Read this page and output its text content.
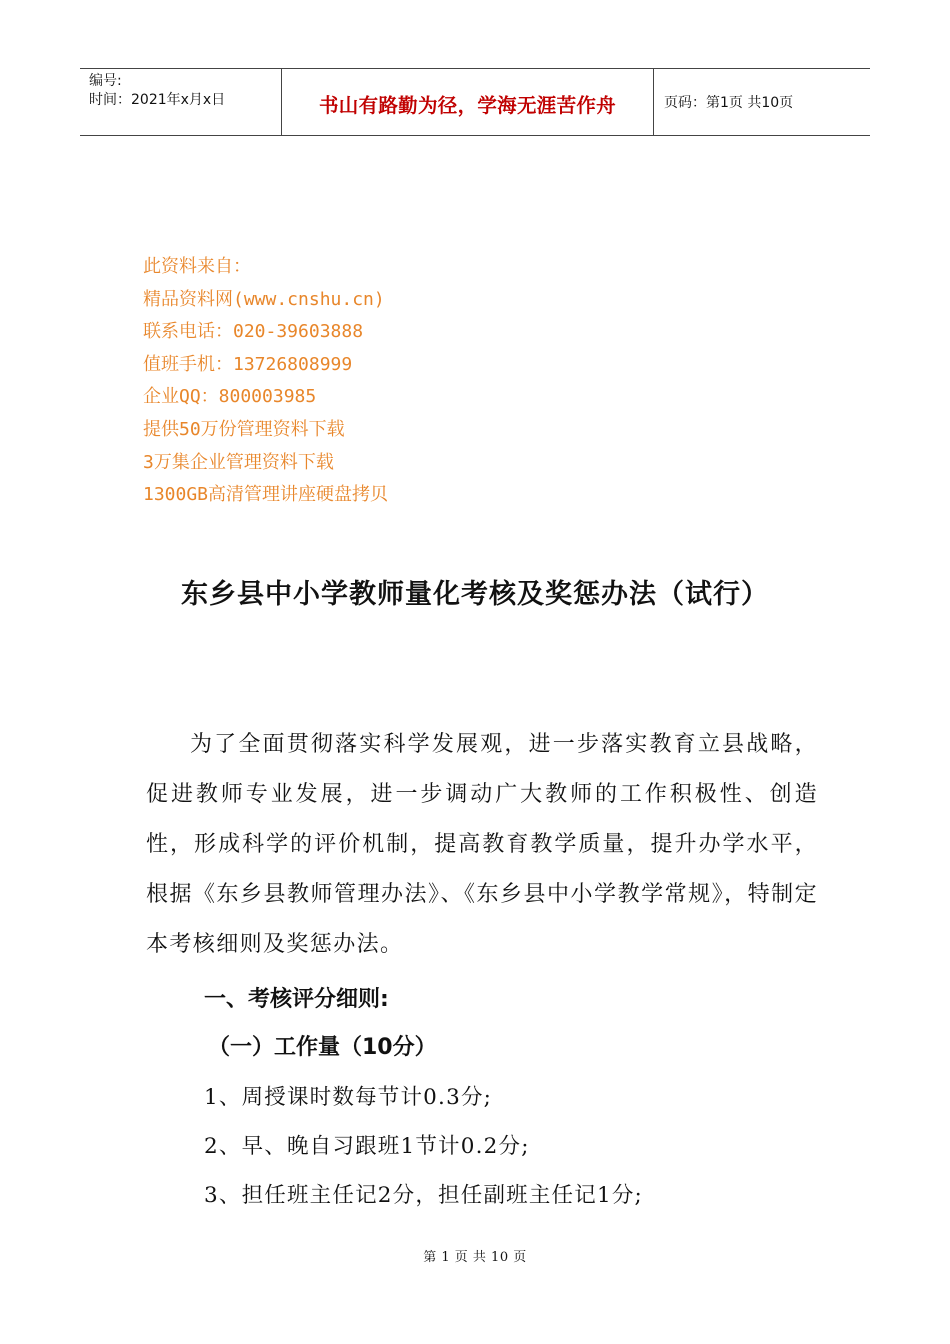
编号:
时间：2021年x月x日	书山有路勤为径，学海无涯苦作舟	页码：第1页 共10页
此资料来自：
精品资料网(www.cnshu.cn)
联系电话：020-39603888
值班手机：13726808999
企业QQ：800003985
提供50万份管理资料下载
3万集企业管理资料下载
1300GB高清管理讲座硬盘拷贝
东乡县中小学教师量化考核及奖惩办法（试行）
为了全面贯彻落实科学发展观，进一步落实教育立县战略，促进教师专业发展，进一步调动广大教师的工作积极性、创造性，形成科学的评价机制，提高教育教学质量，提升办学水平，根据《东乡县教师管理办法》、《东乡县中小学教学常规》，特制定本考核细则及奖惩办法。
一、考核评分细则:
（一）工作量（10分）
1、周授课时数每节计0.3分;
2、早、晚自习跟班1节计0.2分;
3、担任班主任记2分，担任副班主任记1分;
第 1 页 共 10 页
